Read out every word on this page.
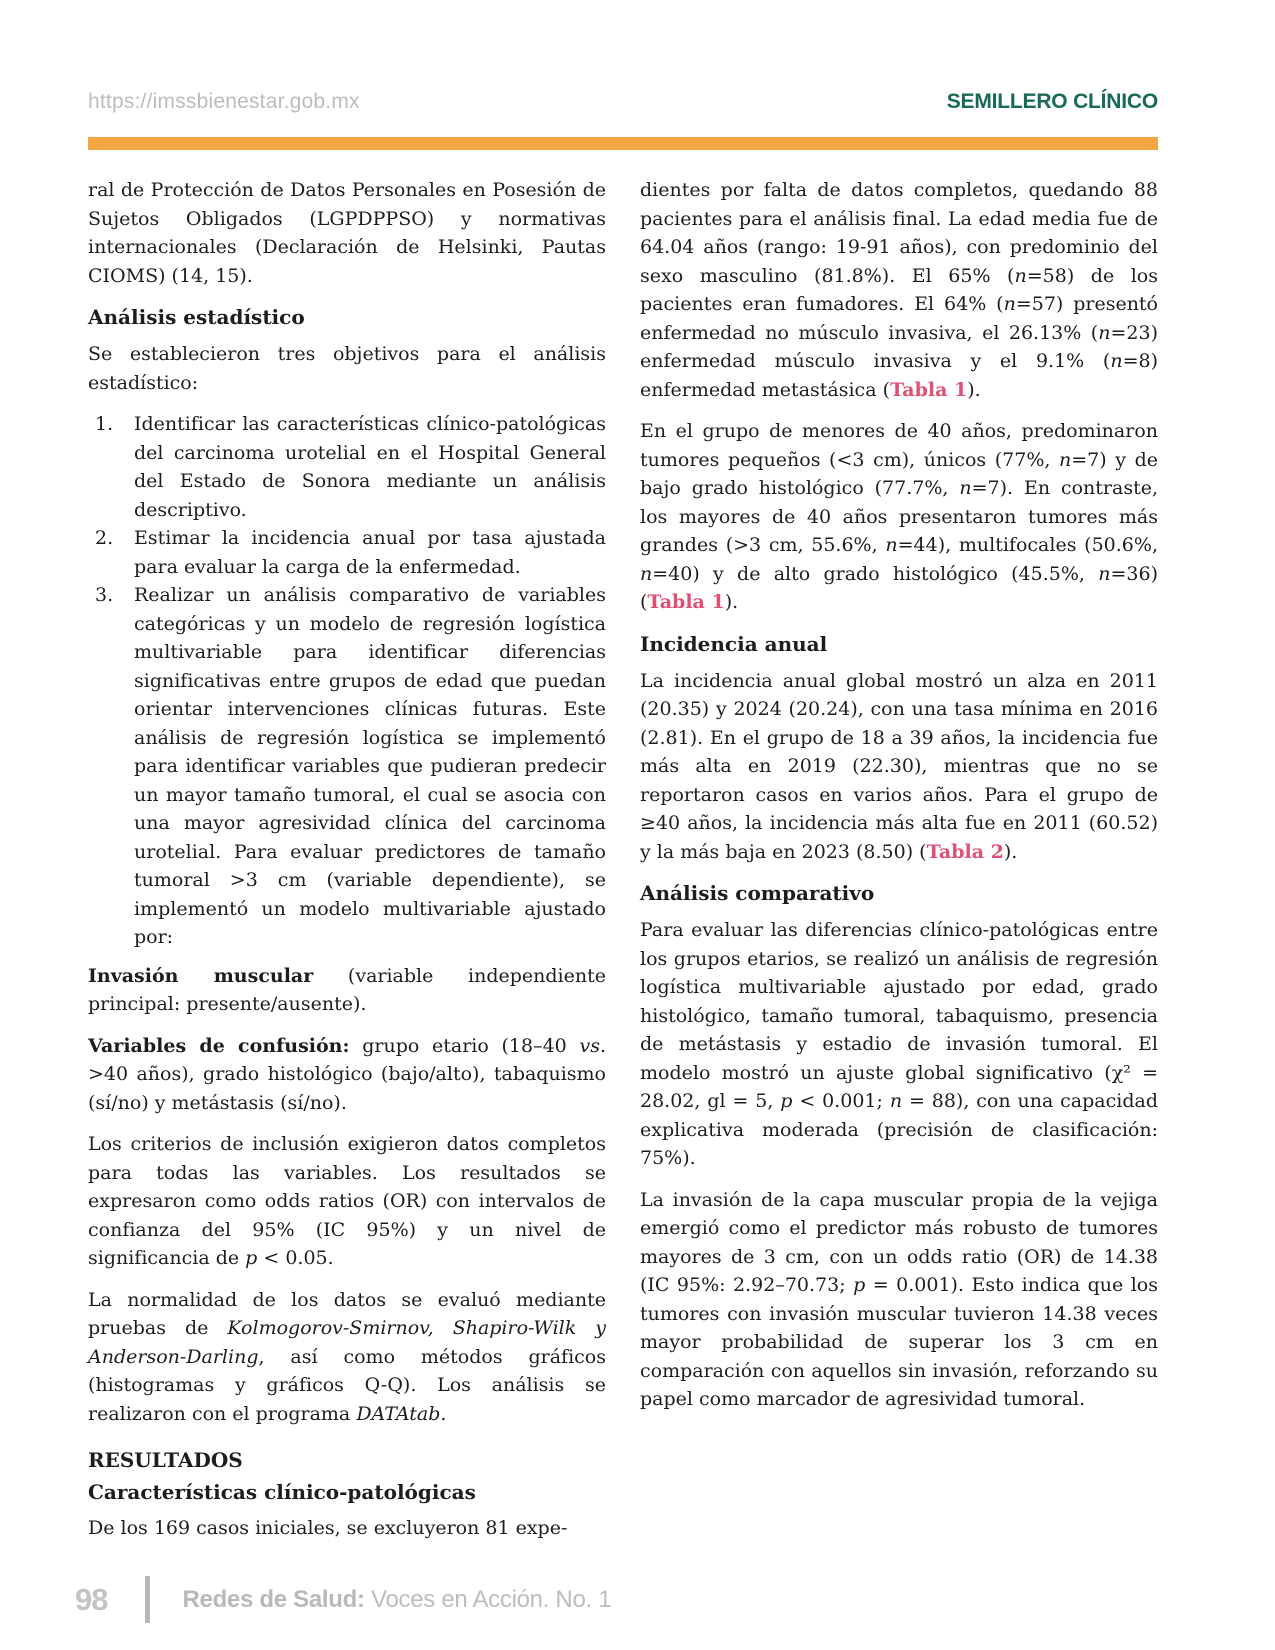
https://imssbienestar.gob.mx	SEMILLERO CLÍNICO

ral de Protección de Datos Personales en Posesión de Sujetos Obligados (LGPDPPSO) y normativas internacionales (Declaración de Helsinki, Pautas CIOMS) (14, 15).

Análisis estadístico

Se establecieron tres objetivos para el análisis estadístico:

1.	Identificar las características clínico-patológicas del carcinoma urotelial en el Hospital General del Estado de Sonora mediante un análisis descriptivo.
2.	Estimar la incidencia anual por tasa ajustada para evaluar la carga de la enfermedad.
3.	Realizar un análisis comparativo de variables categóricas y un modelo de regresión logística multivariable para identificar diferencias significativas entre grupos de edad que puedan orientar intervenciones clínicas futuras. Este análisis de regresión logística se implementó para identificar variables que pudieran predecir un mayor tamaño tumoral, el cual se asocia con una mayor agresividad clínica del carcinoma urotelial. Para evaluar predictores de tamaño tumoral >3 cm (variable dependiente), se implementó un modelo multivariable ajustado por:

Invasión muscular (variable independiente principal: presente/ausente).

Variables de confusión: grupo etario (18–40 vs. >40 años), grado histológico (bajo/alto), tabaquismo (sí/no) y metástasis (sí/no).

Los criterios de inclusión exigieron datos completos para todas las variables. Los resultados se expresaron como odds ratios (OR) con intervalos de confianza del 95% (IC 95%) y un nivel de significancia de p < 0.05.

La normalidad de los datos se evaluó mediante pruebas de Kolmogorov-Smirnov, Shapiro-Wilk y Anderson-Darling, así como métodos gráficos (histogramas y gráficos Q-Q). Los análisis se realizaron con el programa DATAtab.

RESULTADOS
Características clínico-patológicas

De los 169 casos iniciales, se excluyeron 81 expe-

dientes por falta de datos completos, quedando 88 pacientes para el análisis final. La edad media fue de 64.04 años (rango: 19-91 años), con predominio del sexo masculino (81.8%). El 65% (n=58) de los pacientes eran fumadores. El 64% (n=57) presentó enfermedad no músculo invasiva, el 26.13% (n=23) enfermedad músculo invasiva y el 9.1% (n=8) enfermedad metastásica (Tabla 1).

En el grupo de menores de 40 años, predominaron tumores pequeños (<3 cm), únicos (77%, n=7) y de bajo grado histológico (77.7%, n=7). En contraste, los mayores de 40 años presentaron tumores más grandes (>3 cm, 55.6%, n=44), multifocales (50.6%, n=40) y de alto grado histológico (45.5%, n=36) (Tabla 1).

Incidencia anual

La incidencia anual global mostró un alza en 2011 (20.35) y 2024 (20.24), con una tasa mínima en 2016 (2.81). En el grupo de 18 a 39 años, la incidencia fue más alta en 2019 (22.30), mientras que no se reportaron casos en varios años. Para el grupo de ≥40 años, la incidencia más alta fue en 2011 (60.52) y la más baja en 2023 (8.50) (Tabla 2).

Análisis comparativo

Para evaluar las diferencias clínico-patológicas entre los grupos etarios, se realizó un análisis de regresión logística multivariable ajustado por edad, grado histológico, tamaño tumoral, tabaquismo, presencia de metástasis y estadio de invasión tumoral. El modelo mostró un ajuste global significativo (χ² = 28.02, gl = 5, p < 0.001; n = 88), con una capacidad explicativa moderada (precisión de clasificación: 75%).

La invasión de la capa muscular propia de la vejiga emergió como el predictor más robusto de tumores mayores de 3 cm, con un odds ratio (OR) de 14.38 (IC 95%: 2.92–70.73; p = 0.001). Esto indica que los tumores con invasión muscular tuvieron 14.38 veces mayor probabilidad de superar los 3 cm en comparación con aquellos sin invasión, reforzando su papel como marcador de agresividad tumoral.

98	Redes de Salud: Voces en Acción. No. 1
